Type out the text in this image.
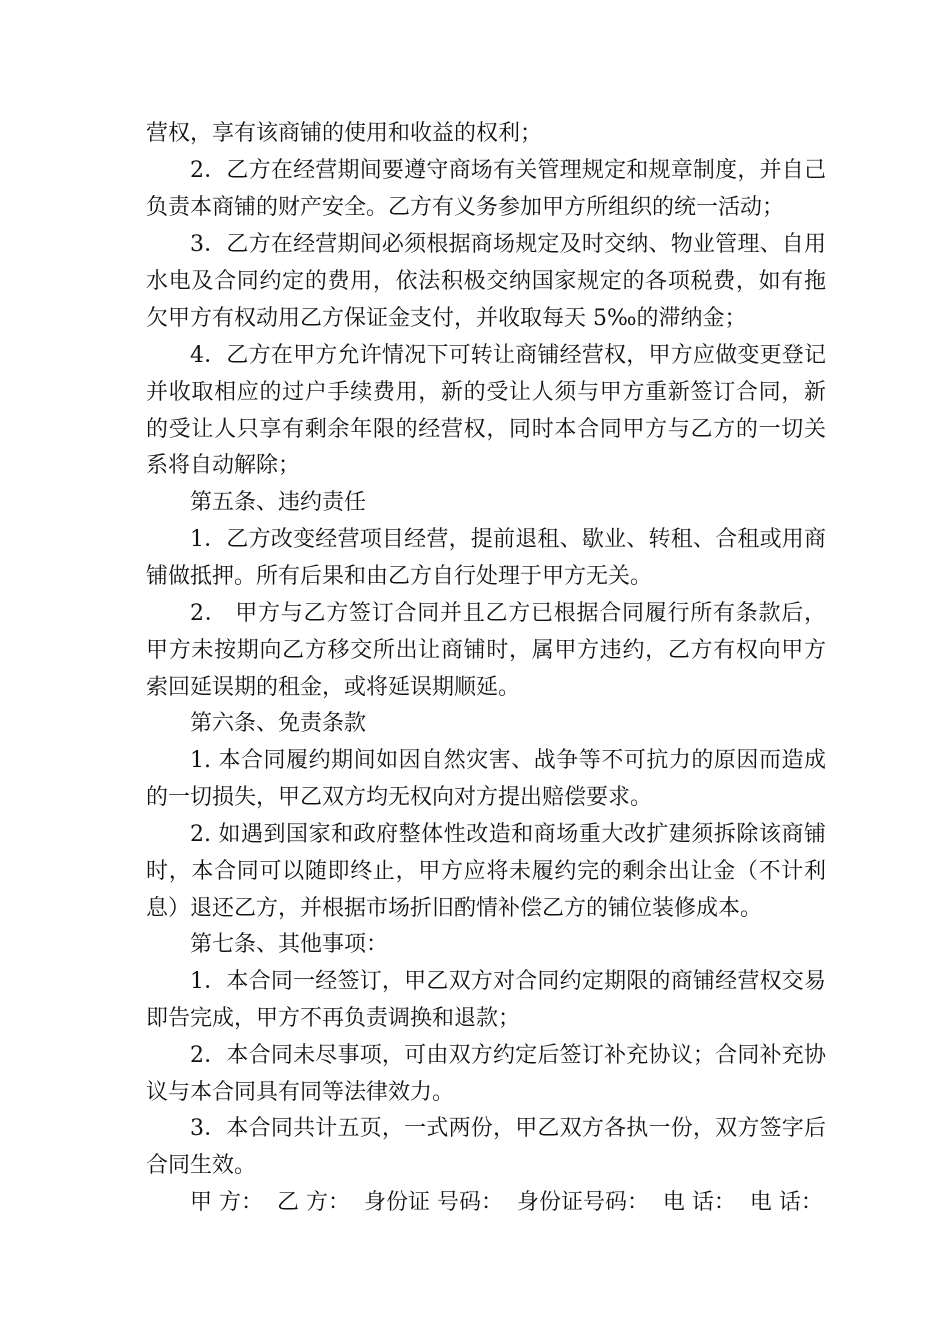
营权，享有该商铺的使用和收益的权利；

2．乙方在经营期间要遵守商场有关管理规定和规章制度，并自己负责本商铺的财产安全。乙方有义务参加甲方所组织的统一活动；

3．乙方在经营期间必须根据商场规定及时交纳、物业管理、自用水电及合同约定的费用，依法积极交纳国家规定的各项税费，如有拖欠甲方有权动用乙方保证金支付，并收取每天 5‰的滞纳金；

4．乙方在甲方允许情况下可转让商铺经营权，甲方应做变更登记并收取相应的过户手续费用，新的受让人须与甲方重新签订合同，新的受让人只享有剩余年限的经营权，同时本合同甲方与乙方的一切关系将自动解除；

第五条、违约责任

1．乙方改变经营项目经营，提前退租、歇业、转租、合租或用商铺做抵押。所有后果和由乙方自行处理于甲方无关。

2． 甲方与乙方签订合同并且乙方已根据合同履行所有条款后，甲方未按期向乙方移交所出让商铺时，属甲方违约，乙方有权向甲方索回延误期的租金，或将延误期顺延。

第六条、免责条款

1. 本合同履约期间如因自然灾害、战争等不可抗力的原因而造成的一切损失，甲乙双方均无权向对方提出赔偿要求。

2. 如遇到国家和政府整体性改造和商场重大改扩建须拆除该商铺时，本合同可以随即终止，甲方应将未履约完的剩余出让金（不计利息）退还乙方，并根据市场折旧酌情补偿乙方的铺位装修成本。

第七条、其他事项：

1．本合同一经签订，甲乙双方对合同约定期限的商铺经营权交易即告完成，甲方不再负责调换和退款；

2．本合同未尽事项，可由双方约定后签订补充协议；合同补充协议与本合同具有同等法律效力。

3．本合同共计五页，一式两份，甲乙双方各执一份，双方签字后合同生效。

甲 方：  乙 方：  身份证 号码：  身份证号码：  电 话：  电 话：
